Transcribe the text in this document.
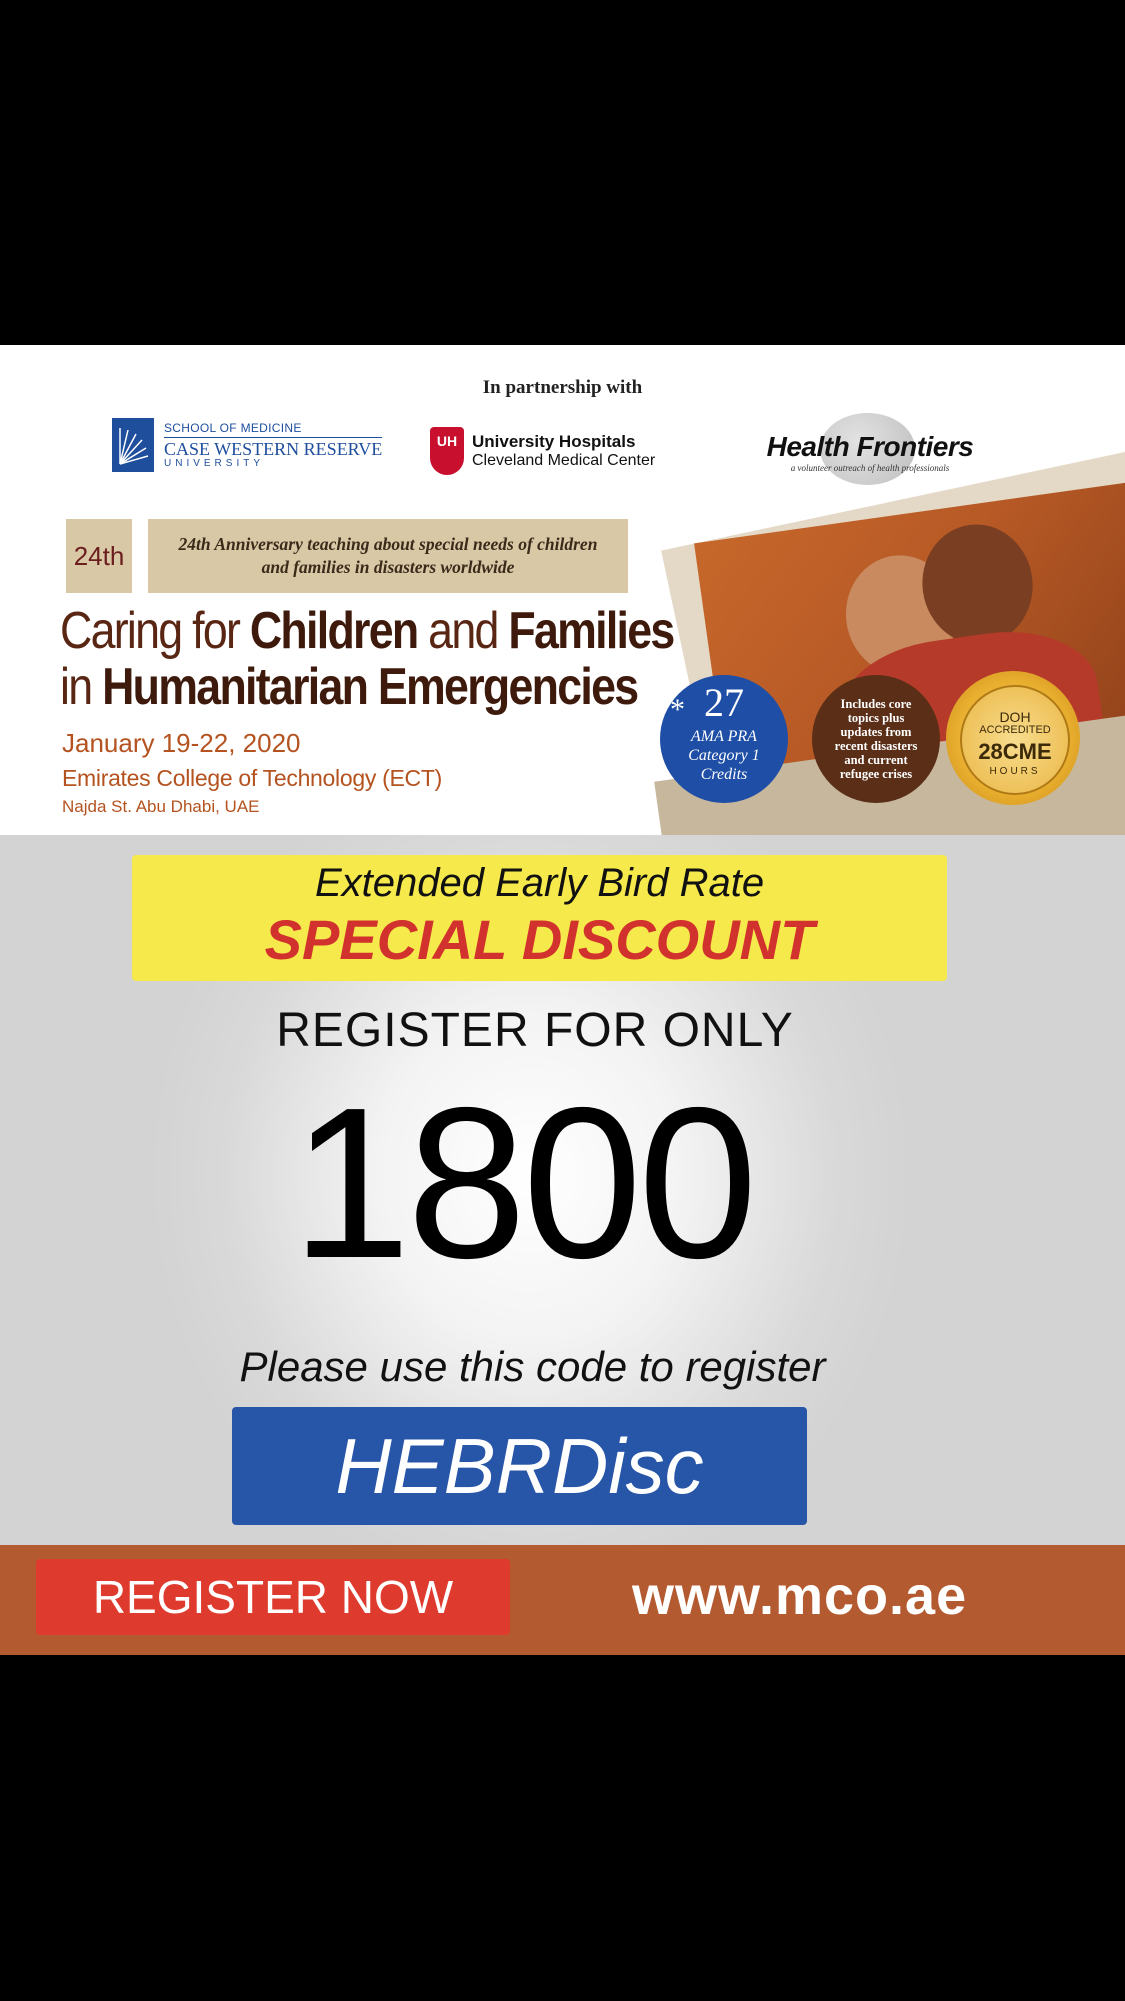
In partnership with
SCHOOL OF MEDICINE
CASE WESTERN RESERVE
UNIVERSITY
UH University Hospitals
Cleveland Medical Center	Health Frontiers
a volunteer outreach of health professionals
24th	24th Anniversary teaching about special needs of children and families in disasters worldwide
Caring for Children and Families
in Humanitarian Emergencies
January 19-22, 2020
Emirates College of Technology (ECT)
Najda St. Abu Dhabi, UAE
* 27
AMA PRA Category 1 Credits
Includes core topics plus updates from recent disasters and current refugee crises
DOH
ACCREDITED
28CME
HOURS
Extended Early Bird Rate
SPECIAL DISCOUNT
REGISTER FOR ONLY
1800
Please use this code to register
HEBRDisc
REGISTER NOW	www.mco.ae
